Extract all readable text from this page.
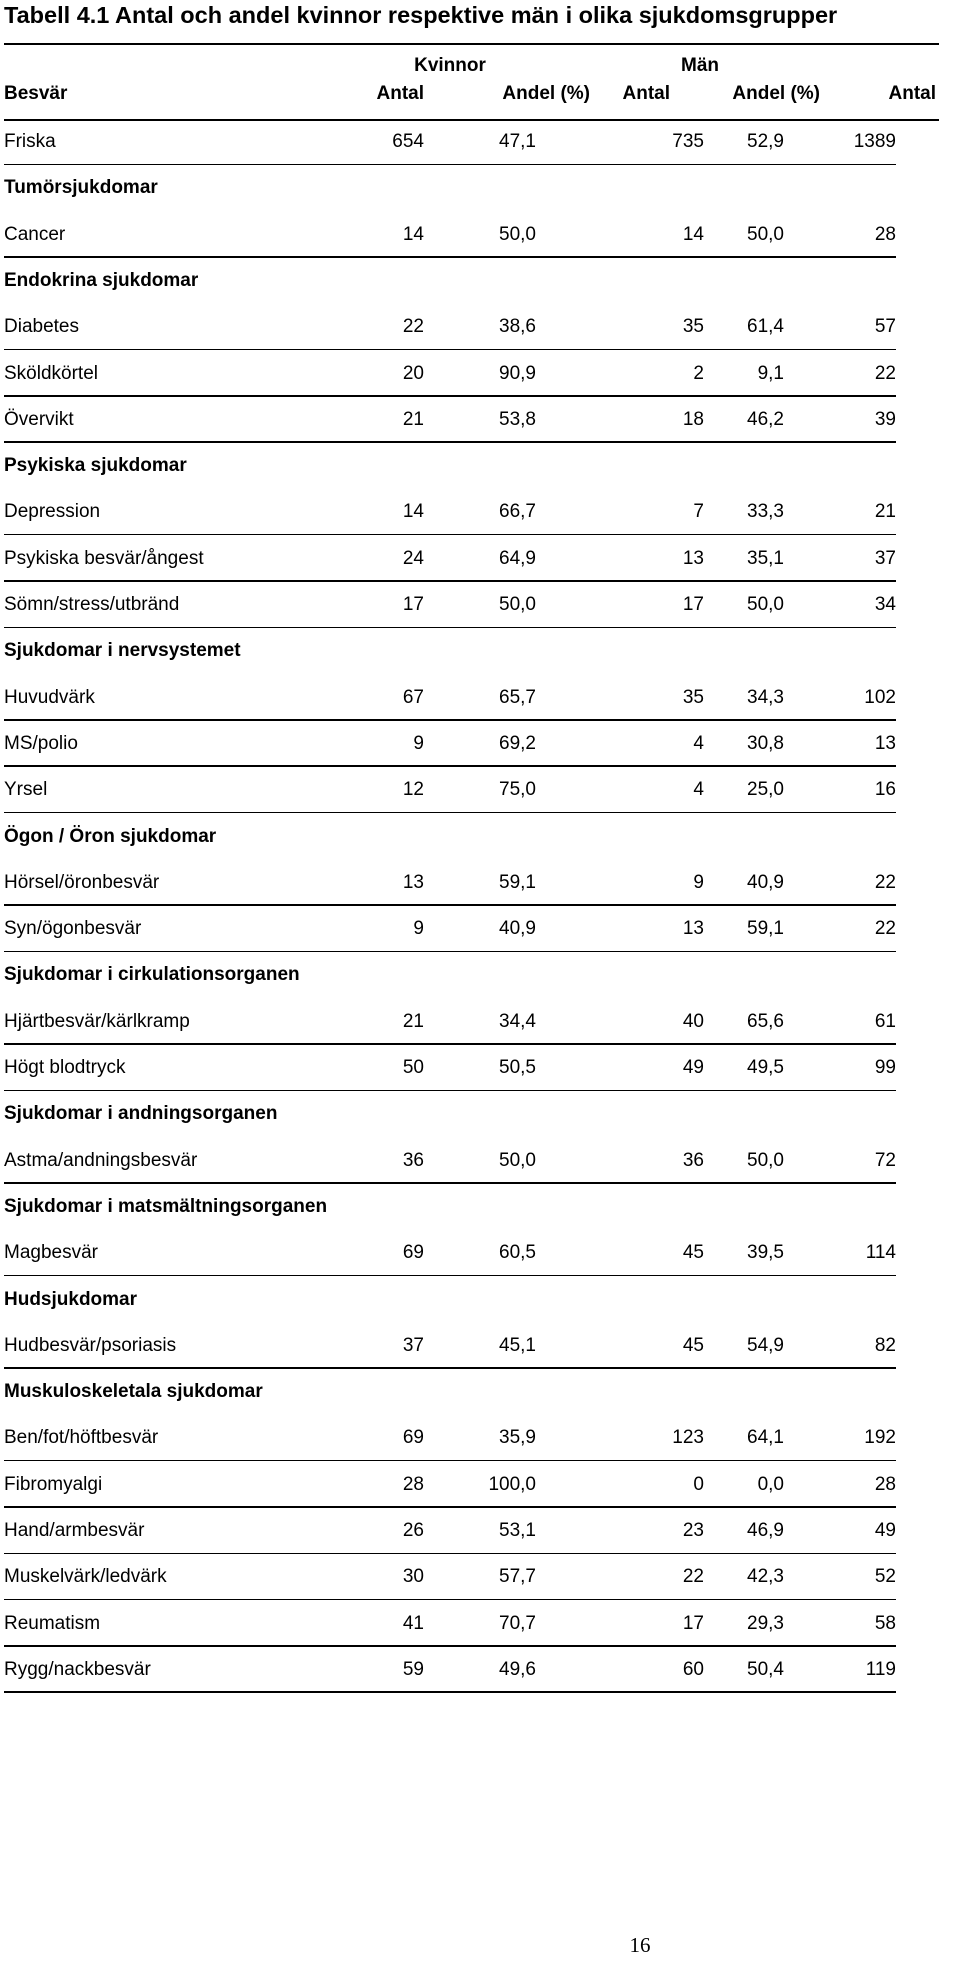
Tabell 4.1 Antal och andel kvinnor respektive män i olika sjukdomsgrupper
Kvinnor	Män
Besvär	Antal	Andel (%)	Antal	Andel (%)	Antal
Friska	654	47,1	735	52,9	1389
Tumörsjukdomar
Cancer	14	50,0	14	50,0	28
Endokrina sjukdomar
Diabetes	22	38,6	35	61,4	57
Sköldkörtel	20	90,9	2	9,1	22
Övervikt	21	53,8	18	46,2	39
Psykiska sjukdomar
Depression	14	66,7	7	33,3	21
Psykiska besvär/ångest	24	64,9	13	35,1	37
Sömn/stress/utbränd	17	50,0	17	50,0	34
Sjukdomar i nervsystemet
Huvudvärk	67	65,7	35	34,3	102
MS/polio	9	69,2	4	30,8	13
Yrsel	12	75,0	4	25,0	16
Ögon / Öron sjukdomar
Hörsel/öronbesvär	13	59,1	9	40,9	22
Syn/ögonbesvär	9	40,9	13	59,1	22
Sjukdomar i cirkulationsorganen
Hjärtbesvär/kärlkramp	21	34,4	40	65,6	61
Högt blodtryck	50	50,5	49	49,5	99
Sjukdomar i andningsorganen
Astma/andningsbesvär	36	50,0	36	50,0	72
Sjukdomar i matsmältningsorganen
Magbesvär	69	60,5	45	39,5	114
Hudsjukdomar
Hudbesvär/psoriasis	37	45,1	45	54,9	82
Muskuloskeletala sjukdomar
Ben/fot/höftbesvär	69	35,9	123	64,1	192
Fibromyalgi	28	100,0	0	0,0	28
Hand/armbesvär	26	53,1	23	46,9	49
Muskelvärk/ledvärk	30	57,7	22	42,3	52
Reumatism	41	70,7	17	29,3	58
Rygg/nackbesvär	59	49,6	60	50,4	119
16
